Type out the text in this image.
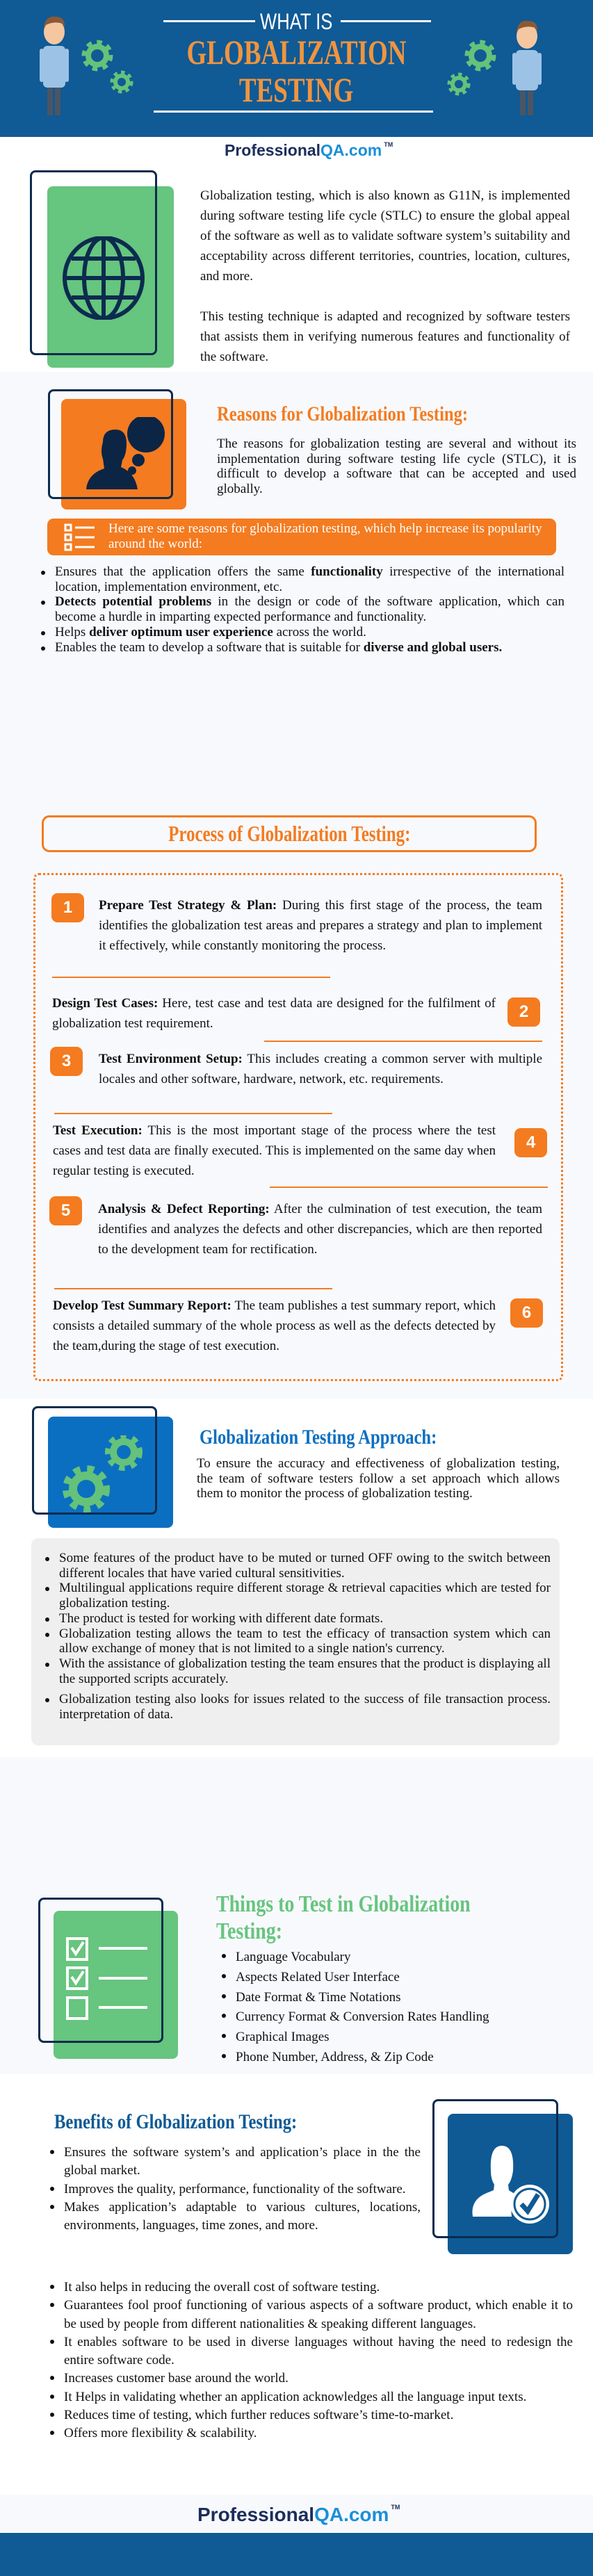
WHAT IS
GLOBALIZATION
TESTING
ProfessionalQA.com ™
Globalization testing, which is also known as G11N, is implemented during software testing life cycle (STLC) to ensure the global appeal of the software as well as to validate software system’s suitability and acceptability across different territories, countries, location, cultures, and more.
This testing technique is adapted and recognized by software testers that assists them in verifying numerous features and functionality of the software.
Reasons for Globalization Testing:
The reasons for globalization testing are several and without its implementation during software testing life cycle (STLC), it is difficult to develop a software that can be accepted and used globally.
Here are some reasons for globalization testing, which help increase its popularity around the world:
Ensures that the application offers the same functionality irrespective of the international location, implementation environment, etc.
Detects potential problems in the design or code of the software application, which can become a hurdle in imparting expected performance and functionality.
Helps deliver optimum user experience across the world.
Enables the team to develop a software that is suitable for diverse and global users.
Process of Globalization Testing:
1	Prepare Test Strategy & Plan: During this first stage of the process, the team identifies the globalization test areas and prepares a strategy and plan to implement it effectively, while constantly monitoring the process.
Design Test Cases: Here, test case and test data are designed for the fulfilment of globalization test requirement.
2
3	Test Environment Setup: This includes creating a common server with multiple locales and other software, hardware, network, etc. requirements.
Test Execution: This is the most important stage of the process where the test cases and test data are finally executed. This is implemented on the same day when regular testing is executed.
4
5	Analysis & Defect Reporting: After the culmination of test execution, the team identifies and analyzes the defects and other discrepancies, which are then reported to the development team for rectification.
Develop Test Summary Report: The team publishes a test summary report, which consists a detailed summary of the whole process as well as the defects detected by the team,during the stage of test execution.
6
Globalization Testing Approach:
To ensure the accuracy and effectiveness of globalization testing, the team of software testers follow a set approach which allows them to monitor the process of globalization testing.
Some features of the product have to be muted or turned OFF owing to the switch between different locales that have varied cultural sensitivities.
Multilingual applications require different storage & retrieval capacities which are tested for globalization testing.
The product is tested for working with different date formats.
Globalization testing allows the team to test the efficacy of transaction system which can allow exchange of money that is not limited to a single nation's currency.
With the assistance of globalization testing the team ensures that the product is displaying all the supported scripts accurately.
Globalization testing also looks for issues related to the success of file transaction process. interpretation of data.
Things to Test in Globalization
Testing:
Language Vocabulary
Aspects Related User Interface
Date Format & Time Notations
Currency Format & Conversion Rates Handling
Graphical Images
Phone Number, Address, & Zip Code
Benefits of Globalization Testing:
Ensures the software system’s and application’s place in the the global market.
Improves the quality, performance, functionality of the software.
Makes application’s adaptable to various cultures, locations, environments, languages, time zones, and more.
It also helps in reducing the overall cost of software testing.
Guarantees fool proof functioning of various aspects of a software product, which enable it to be used by people from different nationalities & speaking different languages.
It enables software to be used in diverse languages without having the need to redesign the entire software code.
Increases customer base around the world.
It Helps in validating whether an application acknowledges all the language input texts.
Reduces time of testing, which further reduces software’s time-to-market.
Offers more flexibility & scalability.
ProfessionalQA.com ™
